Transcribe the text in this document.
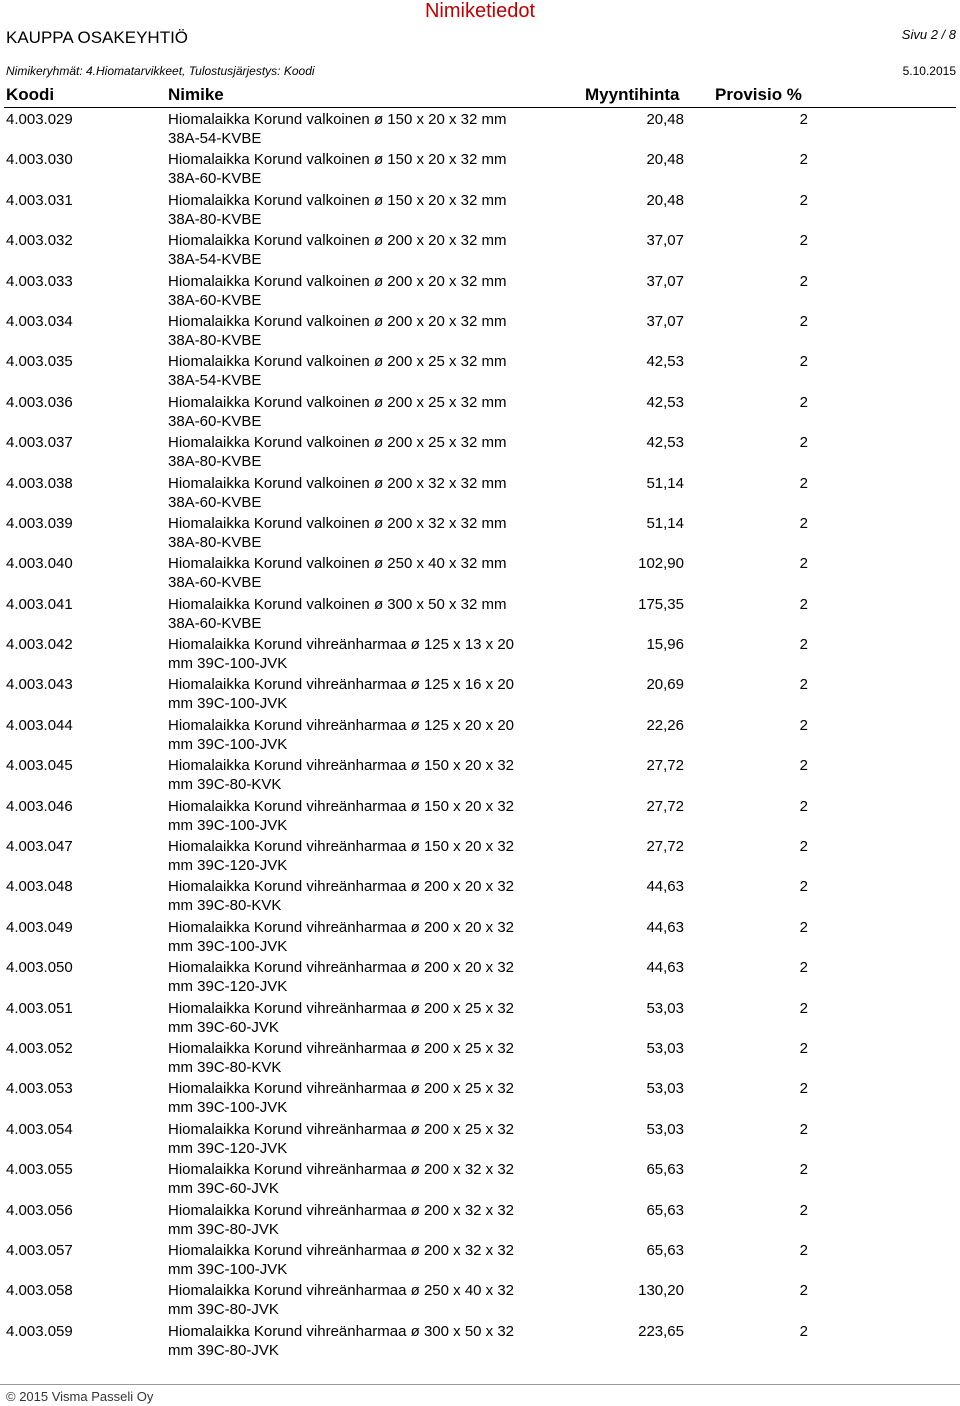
KAUPPA OSAKEYHTIÖ
Nimiketiedot
Sivu 2 / 8
Nimikeryhmät: 4.Hiomatarvikkeet, Tulostusjärjestys: Koodi	5.10.2015
Koodi	Nimike	Myyntihinta Provisio %
4.003.029	Hiomalaikka Korund valkoinen ø 150 x 20 x 32 mm
38A-54-KVBE
20,48	2
4.003.030	Hiomalaikka Korund valkoinen ø 150 x 20 x 32 mm
38A-60-KVBE
20,48	2
4.003.031	Hiomalaikka Korund valkoinen ø 150 x 20 x 32 mm
38A-80-KVBE
20,48	2
4.003.032	Hiomalaikka Korund valkoinen ø 200 x 20 x 32 mm
38A-54-KVBE
37,07	2
4.003.033	Hiomalaikka Korund valkoinen ø 200 x 20 x 32 mm
38A-60-KVBE
37,07	2
4.003.034	Hiomalaikka Korund valkoinen ø 200 x 20 x 32 mm
38A-80-KVBE
37,07	2
4.003.035	Hiomalaikka Korund valkoinen ø 200 x 25 x 32 mm
38A-54-KVBE
42,53	2
4.003.036	Hiomalaikka Korund valkoinen ø 200 x 25 x 32 mm
38A-60-KVBE
42,53	2
4.003.037	Hiomalaikka Korund valkoinen ø 200 x 25 x 32 mm
38A-80-KVBE
42,53	2
4.003.038	Hiomalaikka Korund valkoinen ø 200 x 32 x 32 mm
38A-60-KVBE
51,14	2
4.003.039	Hiomalaikka Korund valkoinen ø 200 x 32 x 32 mm
38A-80-KVBE
51,14	2
4.003.040	Hiomalaikka Korund valkoinen ø 250 x 40 x 32 mm
38A-60-KVBE
102,90	2
4.003.041	Hiomalaikka Korund valkoinen ø 300 x 50 x 32 mm
38A-60-KVBE
175,35	2
4.003.042	Hiomalaikka Korund vihreänharmaa ø 125 x 13 x 20
mm 39C-100-JVK
15,96	2
4.003.043	Hiomalaikka Korund vihreänharmaa ø 125 x 16 x 20
mm 39C-100-JVK
20,69	2
4.003.044	Hiomalaikka Korund vihreänharmaa ø 125 x 20 x 20
mm 39C-100-JVK
22,26	2
4.003.045	Hiomalaikka Korund vihreänharmaa ø 150 x 20 x 32
mm 39C-80-KVK
27,72	2
4.003.046	Hiomalaikka Korund vihreänharmaa ø 150 x 20 x 32
mm 39C-100-JVK
27,72	2
4.003.047	Hiomalaikka Korund vihreänharmaa ø 150 x 20 x 32
mm 39C-120-JVK
27,72	2
4.003.048	Hiomalaikka Korund vihreänharmaa ø 200 x 20 x 32
mm 39C-80-KVK
44,63	2
4.003.049	Hiomalaikka Korund vihreänharmaa ø 200 x 20 x 32
mm 39C-100-JVK
44,63	2
4.003.050	Hiomalaikka Korund vihreänharmaa ø 200 x 20 x 32
mm 39C-120-JVK
44,63	2
4.003.051	Hiomalaikka Korund vihreänharmaa ø 200 x 25 x 32
mm 39C-60-JVK
53,03	2
4.003.052	Hiomalaikka Korund vihreänharmaa ø 200 x 25 x 32
mm 39C-80-KVK
53,03	2
4.003.053	Hiomalaikka Korund vihreänharmaa ø 200 x 25 x 32
mm 39C-100-JVK
53,03	2
4.003.054	Hiomalaikka Korund vihreänharmaa ø 200 x 25 x 32
mm 39C-120-JVK
53,03	2
4.003.055	Hiomalaikka Korund vihreänharmaa ø 200 x 32 x 32
mm 39C-60-JVK
65,63	2
4.003.056	Hiomalaikka Korund vihreänharmaa ø 200 x 32 x 32
mm 39C-80-JVK
65,63	2
4.003.057	Hiomalaikka Korund vihreänharmaa ø 200 x 32 x 32
mm 39C-100-JVK
65,63	2
4.003.058	Hiomalaikka Korund vihreänharmaa ø 250 x 40 x 32
mm 39C-80-JVK
130,20	2
4.003.059	Hiomalaikka Korund vihreänharmaa ø 300 x 50 x 32
mm 39C-80-JVK
223,65	2
© 2015 Visma Passeli Oy
